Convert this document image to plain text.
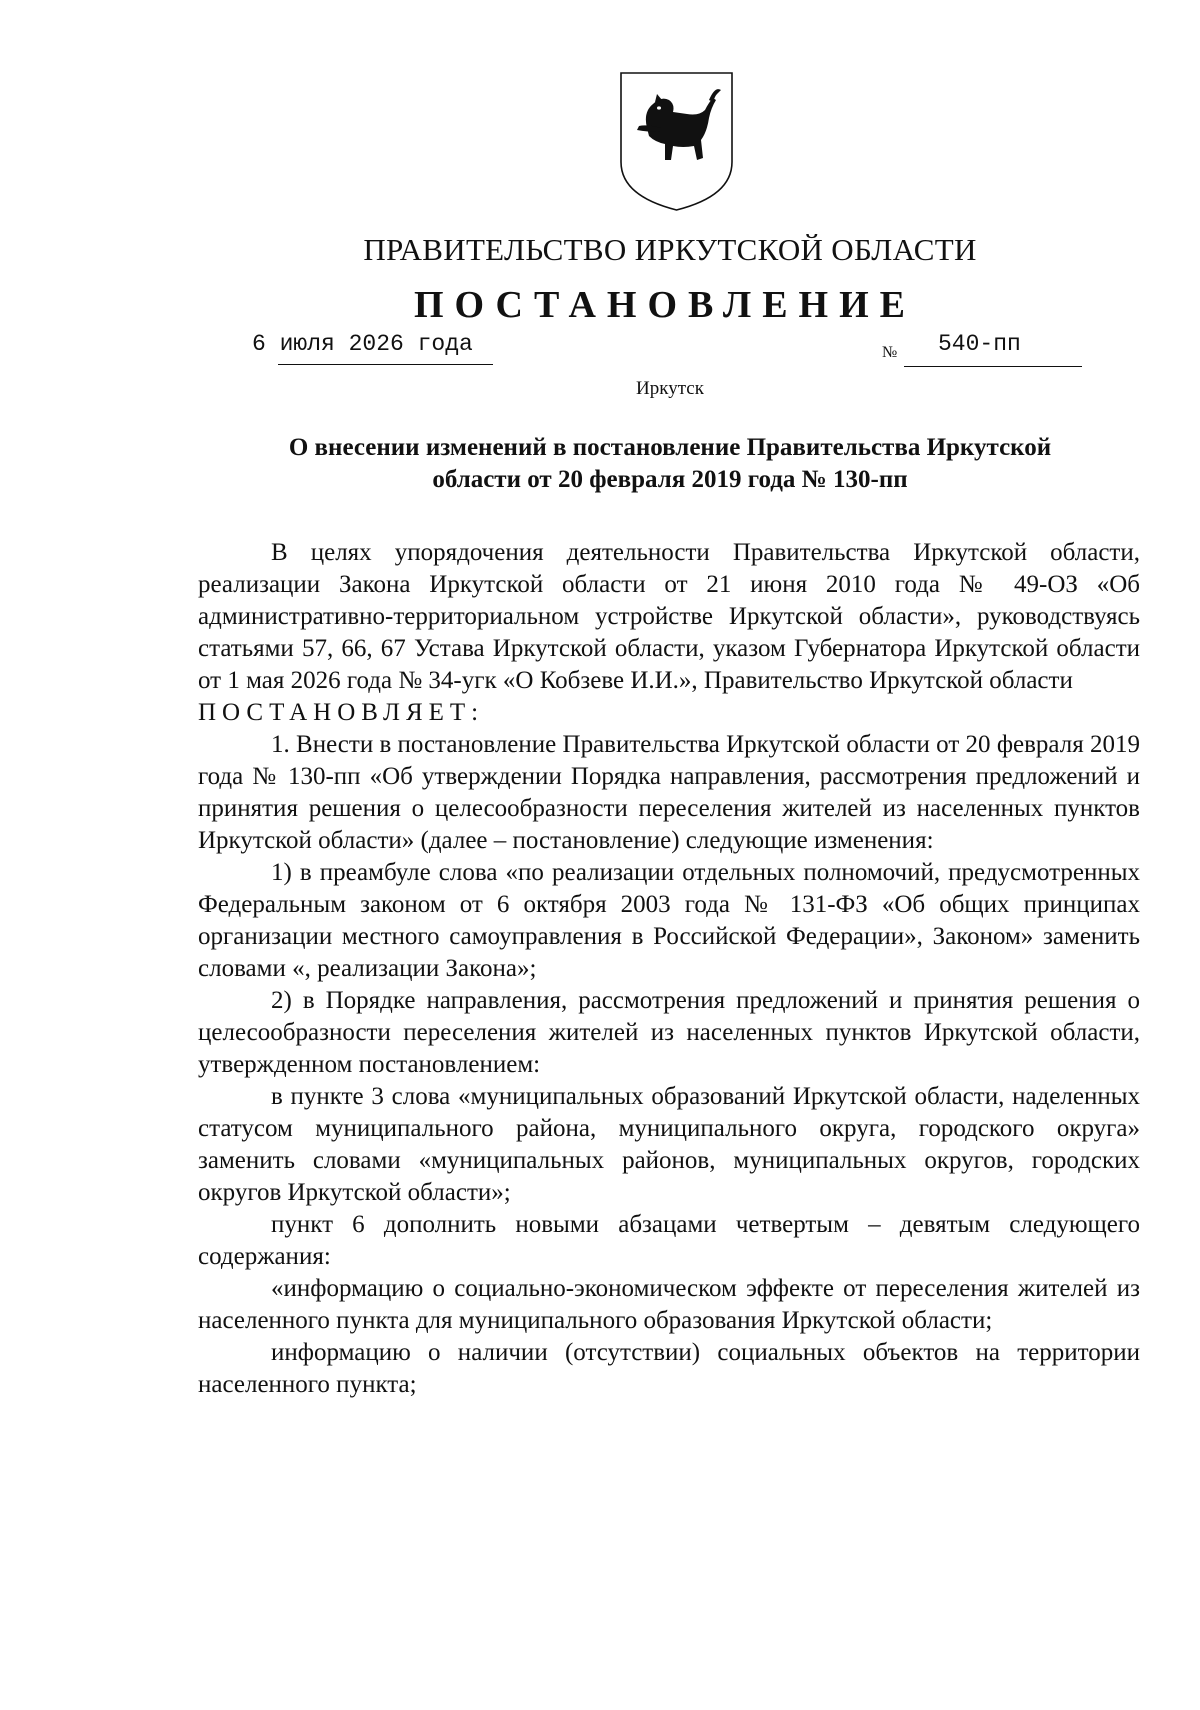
ПРАВИТЕЛЬСТВО ИРКУТСКОЙ ОБЛАСТИ
ПОСТАНОВЛЕНИЕ
6 июля 2026 года	№ 540-пп
Иркутск
О внесении изменений в постановление Правительства Иркутской
области от 20 февраля 2019 года № 130-пп

В целях упорядочения деятельности Правительства Иркутской области, реализации Закона Иркутской области от 21 июня 2010 года № 49-ОЗ «Об административно-территориальном устройстве Иркутской области», руководствуясь статьями 57, 66, 67 Устава Иркутской области, указом Губернатора Иркутской области от 1 мая 2026 года № 34-угк «О Кобзеве И.И.», Правительство Иркутской области

ПОСТАНОВЛЯЕТ:

1. Внести в постановление Правительства Иркутской области от 20 февраля 2019 года № 130-пп «Об утверждении Порядка направления, рассмотрения предложений и принятия решения о целесообразности переселения жителей из населенных пунктов Иркутской области» (далее – постановление) следующие изменения:

1) в преамбуле слова «по реализации отдельных полномочий, предусмотренных Федеральным законом от 6 октября 2003 года № 131-ФЗ «Об общих принципах организации местного самоуправления в Российской Федерации», Законом» заменить словами «, реализации Закона»;

2) в Порядке направления, рассмотрения предложений и принятия решения о целесообразности переселения жителей из населенных пунктов Иркутской области, утвержденном постановлением:

в пункте 3 слова «муниципальных образований Иркутской области, наделенных статусом муниципального района, муниципального округа, городского округа» заменить словами «муниципальных районов, муниципальных округов, городских округов Иркутской области»;

пункт 6 дополнить новыми абзацами четвертым – девятым следующего содержания:

«информацию о социально-экономическом эффекте от переселения жителей из населенного пункта для муниципального образования Иркутской области;

информацию о наличии (отсутствии) социальных объектов на территории населенного пункта;
